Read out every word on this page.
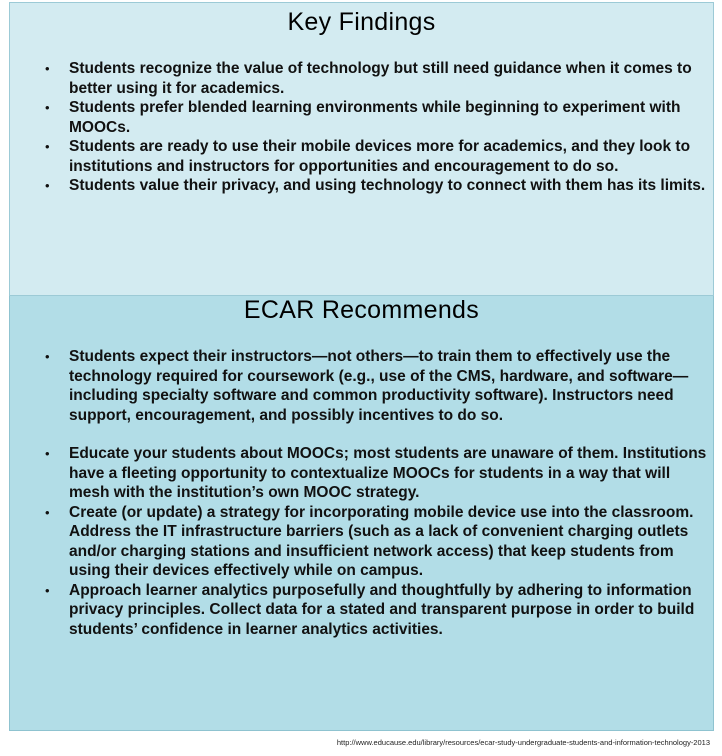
Key Findings
• Students recognize the value of technology but still need guidance when it comes to better using it for academics.
• Students prefer blended learning environments while beginning to experiment with MOOCs.
• Students are ready to use their mobile devices more for academics, and they look to institutions and instructors for opportunities and encouragement to do so.
• Students value their privacy, and using technology to connect with them has its limits.
ECAR Recommends
• Students expect their instructors—not others—to train them to effectively use the technology required for coursework (e.g., use of the CMS, hardware, and software—including specialty software and common productivity software). Instructors need support, encouragement, and possibly incentives to do so.
• Educate your students about MOOCs; most students are unaware of them. Institutions have a fleeting opportunity to contextualize MOOCs for students in a way that will mesh with the institution’s own MOOC strategy.
• Create (or update) a strategy for incorporating mobile device use into the classroom. Address the IT infrastructure barriers (such as a lack of convenient charging outlets and/or charging stations and insufficient network access) that keep students from using their devices effectively while on campus.
• Approach learner analytics purposefully and thoughtfully by adhering to information privacy principles. Collect data for a stated and transparent purpose in order to build students’ confidence in learner analytics activities.
http://www.educause.edu/library/resources/ecar-study-undergraduate-students-and-information-technology-2013
